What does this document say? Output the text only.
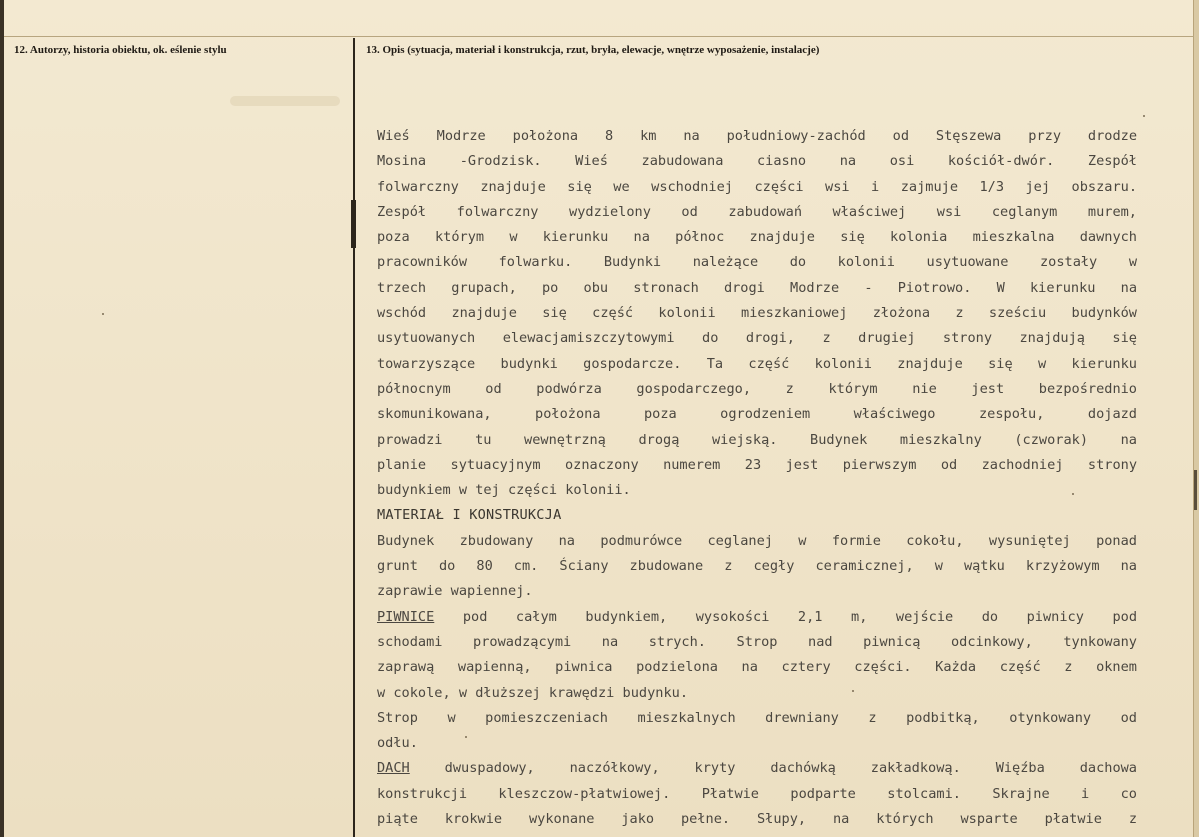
12. Autorzy, historia obiektu, ok. eślenie stylu	13. Opis (sytuacja, materiał i konstrukcja, rzut, bryła, elewacje, wnętrze wyposażenie, instalacje)
Wieś Modrze położona 8 km na południowy-zachód od Stęszewa przy drodze
Mosina -Grodzisk. Wieś zabudowana ciasno na osi kościół-dwór. Zespół
folwarczny znajduje się we wschodniej części wsi i zajmuje 1/3 jej obszaru.
Zespół folwarczny wydzielony od zabudowań właściwej wsi ceglanym murem,
poza którym w kierunku na północ znajduje się kolonia mieszkalna dawnych
pracowników folwarku. Budynki należące do kolonii usytuowane zostały w
trzech grupach, po obu stronach drogi Modrze - Piotrowo. W kierunku na
wschód znajduje się część kolonii mieszkaniowej złożona z sześciu budynków
usytuowanych elewacjamiszczytowymi do drogi, z drugiej strony znajdują się
towarzyszące budynki gospodarcze. Ta część kolonii znajduje się w kierunku
północnym od podwórza gospodarczego, z którym nie jest bezpośrednio
skomunikowana, położona poza ogrodzeniem właściwego zespołu, dojazd
prowadzi tu wewnętrzną drogą wiejską. Budynek mieszkalny (czworak) na
planie sytuacyjnym oznaczony numerem 23 jest pierwszym od zachodniej strony
budynkiem w tej części kolonii.
MATERIAŁ I KONSTRUKCJA
Budynek zbudowany na podmurówce ceglanej w formie cokołu, wysuniętej ponad
grunt do 80 cm. Ściany zbudowane z cegły ceramicznej, w wątku krzyżowym na
zaprawie wapiennej.
PIWNICE pod całym budynkiem, wysokości 2,1 m, wejście do piwnicy pod
schodami prowadzącymi na strych. Strop nad piwnicą odcinkowy, tynkowany
zaprawą wapienną, piwnica podzielona na cztery części. Każda część z oknem
w cokole, w dłuższej krawędzi budynku.
Strop w pomieszczeniach mieszkalnych drewniany z podbitką, otynkowany od
odłu.
DACH dwuspadowy, naczółkowy, kryty dachówką zakładkową. Więźba dachowa
konstrukcji kleszczow-płatwiowej. Płatwie podparte stolcami. Skrajne i co
piąte krokwie wykonane jako pełne. Słupy, na których wsparte płatwie z
